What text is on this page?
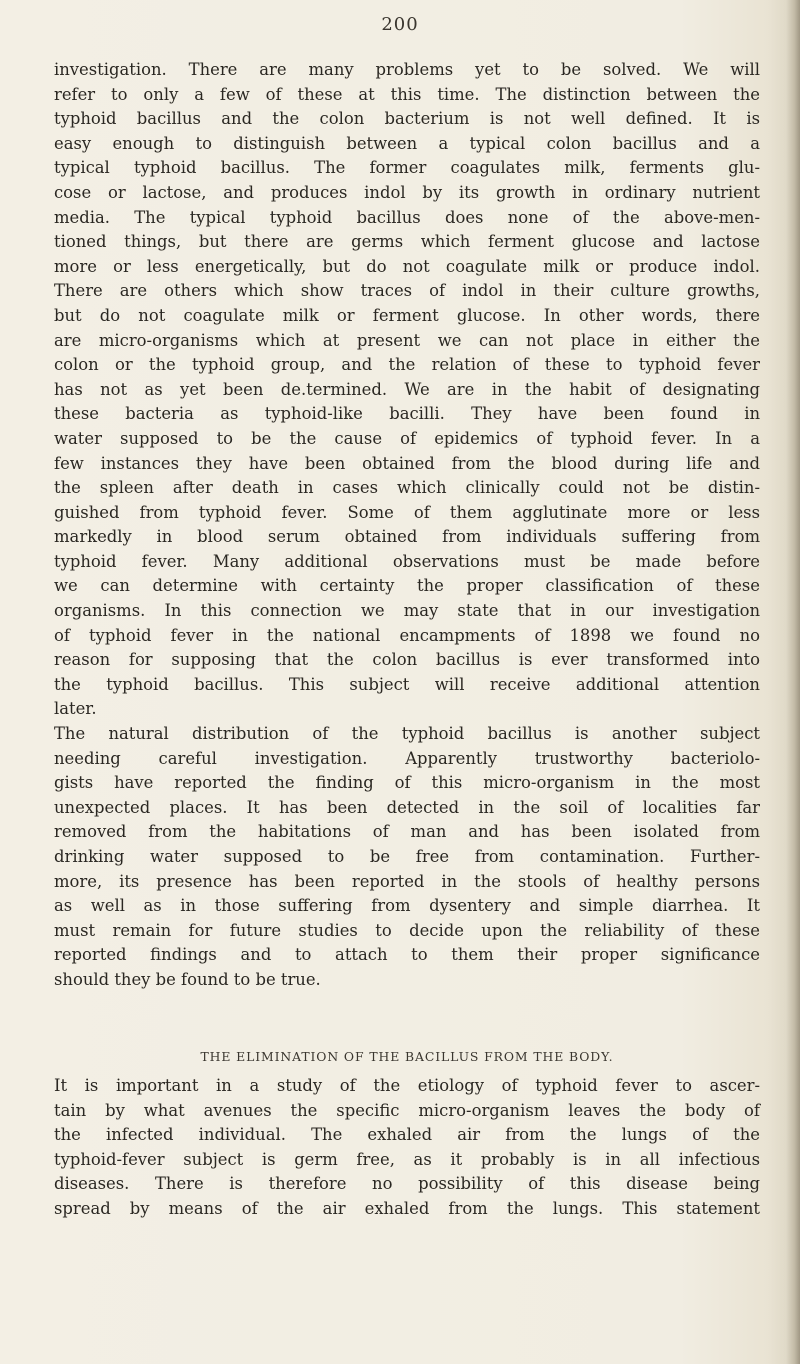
200
investigation. There are many problems yet to be solved. We will
refer to only a few of these at this time. The distinction between the
typhoid bacillus and the colon bacterium is not well defined. It is
easy enough to distinguish between a typical colon bacillus and a
typical typhoid bacillus. The former coagulates milk, ferments glu-
cose or lactose, and produces indol by its growth in ordinary nutrient
media. The typical typhoid bacillus does none of the above-men-
tioned things, but there are germs which ferment glucose and lactose
more or less energetically, but do not coagulate milk or produce indol.
There are others which show traces of indol in their culture growths,
but do not coagulate milk or ferment glucose. In other words, there
are micro-organisms which at present we can not place in either the
colon or the typhoid group, and the relation of these to typhoid fever
has not as yet been de.termined. We are in the habit of designating
these bacteria as typhoid-like bacilli. They have been found in
water supposed to be the cause of epidemics of typhoid fever. In a
few instances they have been obtained from the blood during life and
the spleen after death in cases which clinically could not be distin-
guished from typhoid fever. Some of them agglutinate more or less
markedly in blood serum obtained from individuals suffering from
typhoid fever. Many additional observations must be made before
we can determine with certainty the proper classification of these
organisms. In this connection we may state that in our investigation
of typhoid fever in the national encampments of 1898 we found no
reason for supposing that the colon bacillus is ever transformed into
the typhoid bacillus. This subject will receive additional attention
later.
The natural distribution of the typhoid bacillus is another subject
needing careful investigation. Apparently trustworthy bacteriolo-
gists have reported the finding of this micro-organism in the most
unexpected places. It has been detected in the soil of localities far
removed from the habitations of man and has been isolated from
drinking water supposed to be free from contamination. Further-
more, its presence has been reported in the stools of healthy persons
as well as in those suffering from dysentery and simple diarrhea. It
must remain for future studies to decide upon the reliability of these
reported findings and to attach to them their proper significance
should they be found to be true.
THE ELIMINATION OF THE BACILLUS FROM THE BODY.
It is important in a study of the etiology of typhoid fever to ascer-
tain by what avenues the specific micro-organism leaves the body of
the infected individual. The exhaled air from the lungs of the
typhoid-fever subject is germ free, as it probably is in all infectious
diseases. There is therefore no possibility of this disease being
spread by means of the air exhaled from the lungs. This statement
